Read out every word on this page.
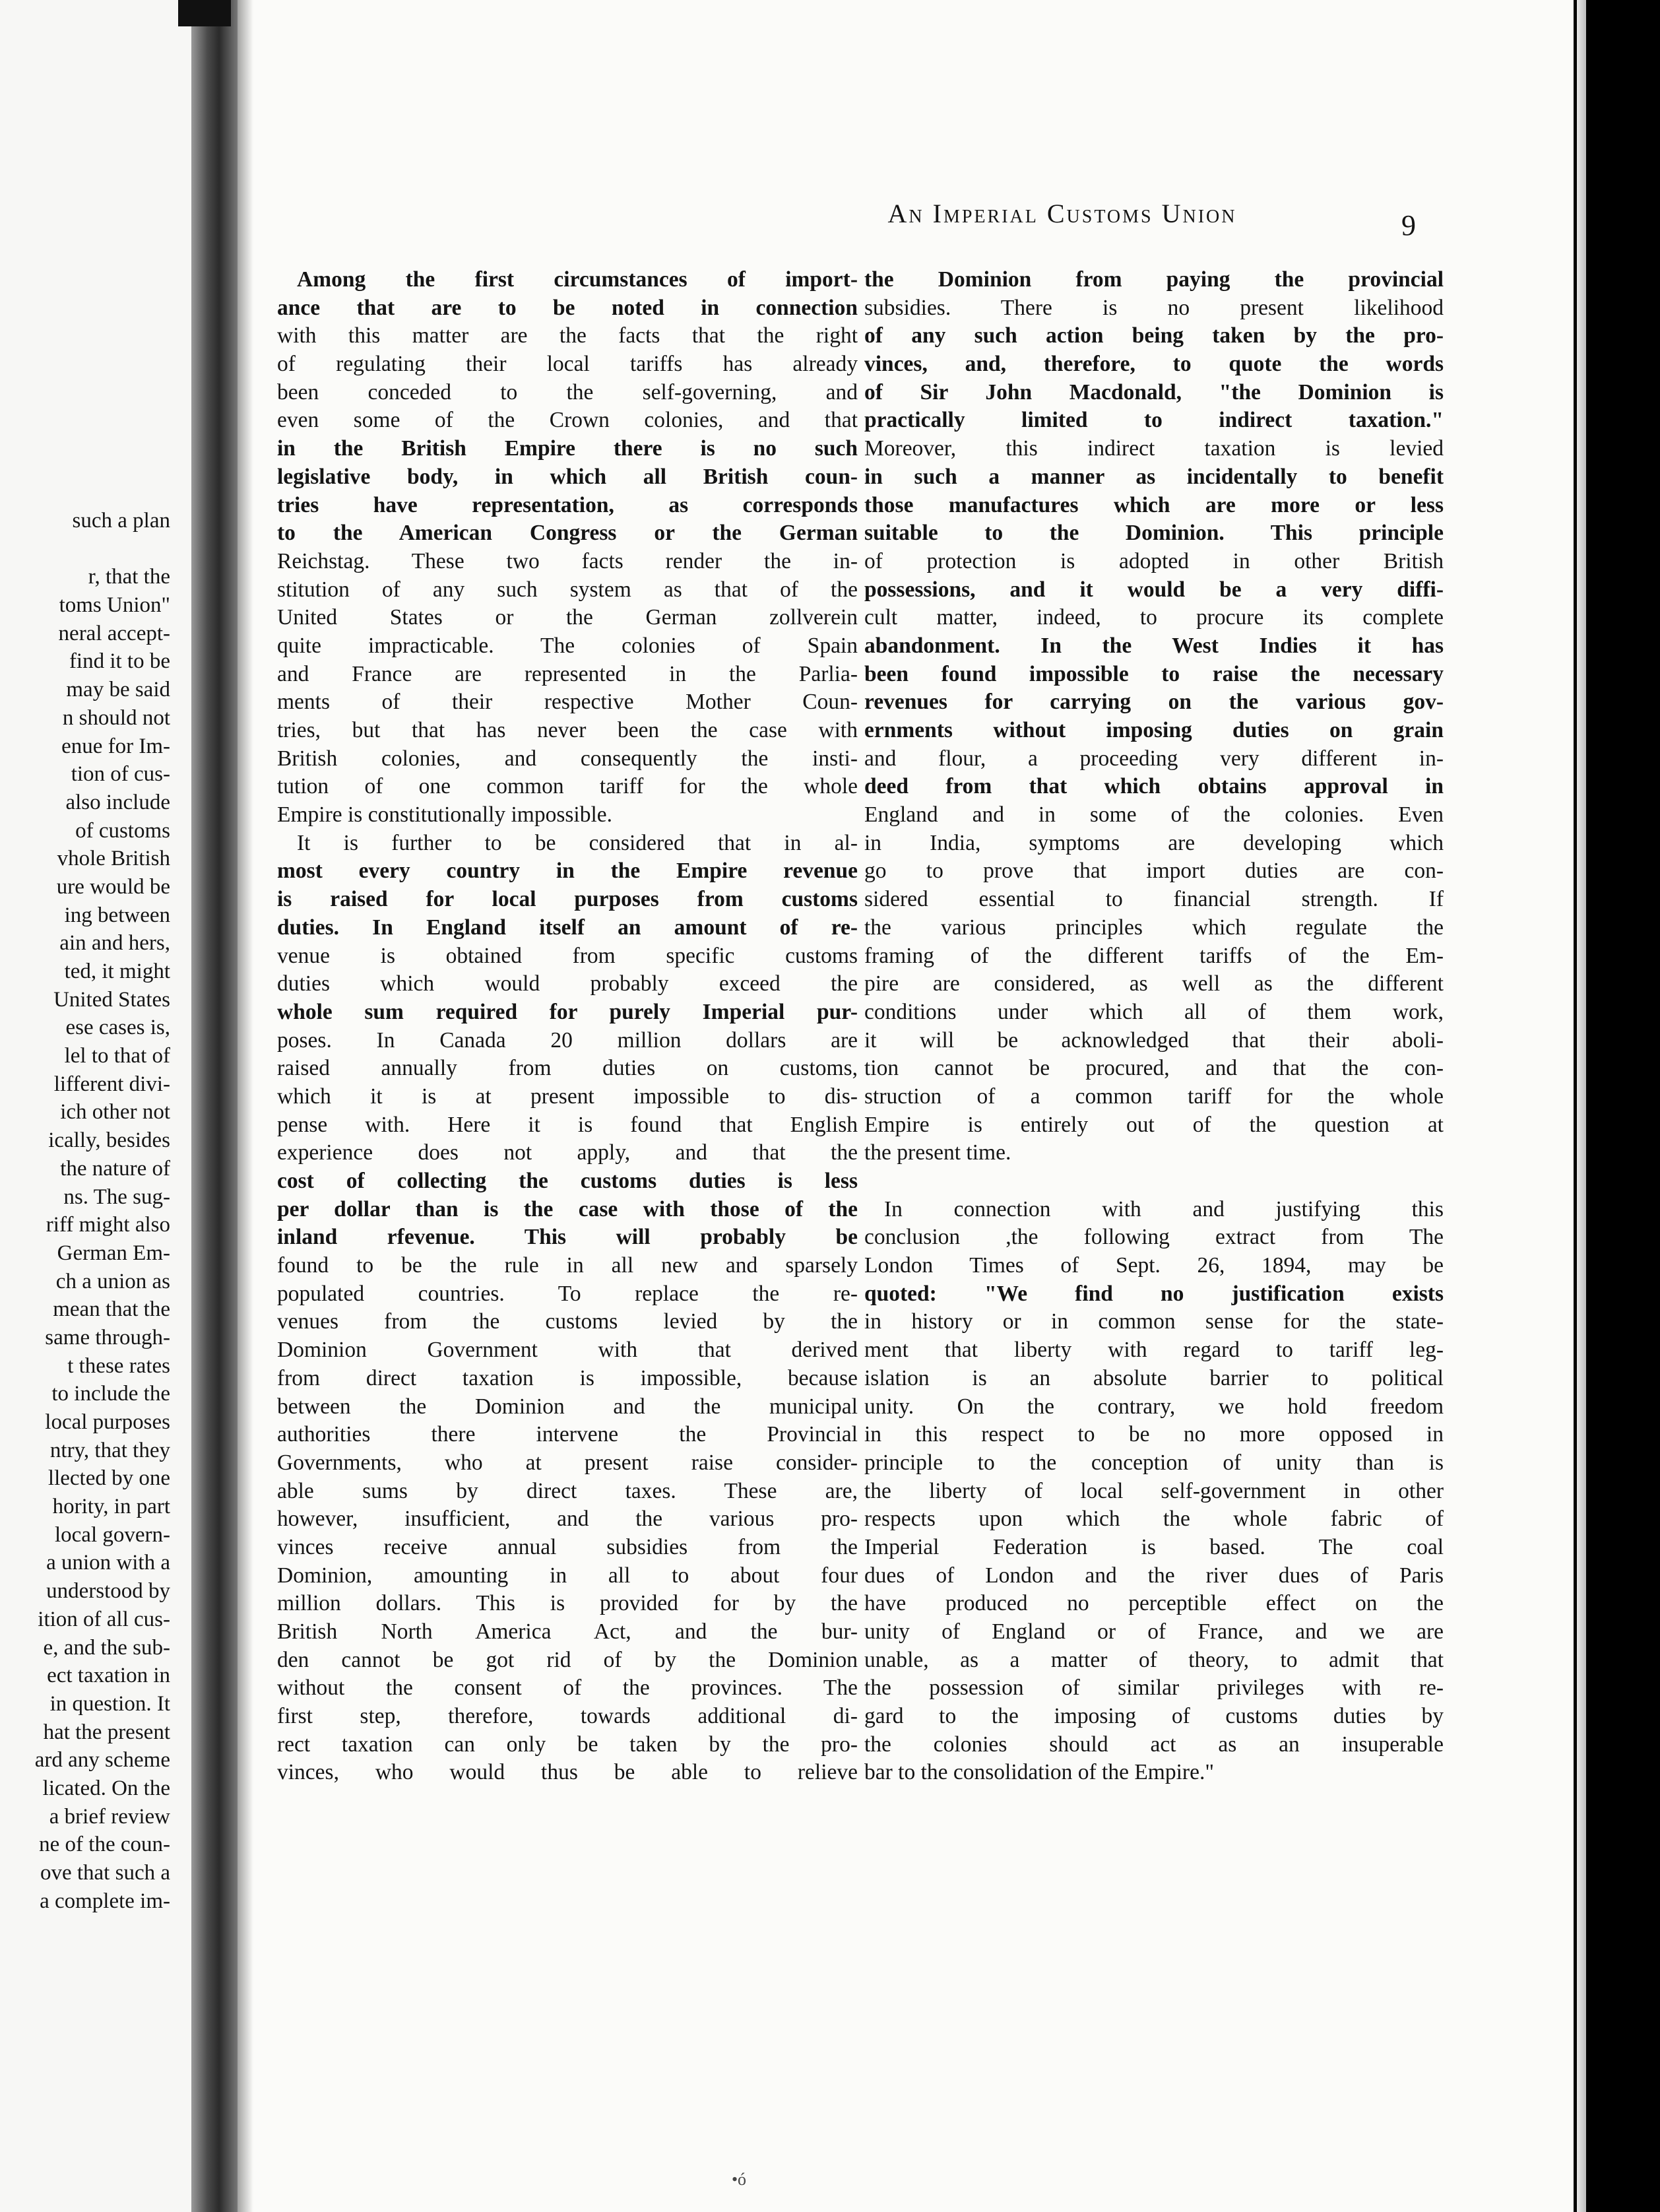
such a plan
r, that the
toms Union"
neral accept-
find it to be
may be said
n should not
enue for Im-
tion of cus-
also include
of customs
vhole British
ure would be
ing between
ain and hers,
ted, it might
United States
ese cases is,
lel to that of
lifferent divi-
ich other not
ically, besides
the nature of
ns. The sug-
riff might also
German Em-
ch a union as
mean that the
same through-
t these rates
to include the
local purposes
ntry, that they
llected by one
hority, in part
local govern-
a union with a
understood by
ition of all cus-
e, and the sub-
ect taxation in
in question. It
hat the present
ard any scheme
licated. On the
a brief review
ne of the coun-
ove that such a
a complete im-
An Imperial Customs Union	9
Among the first circumstances of import-
ance that are to be noted in connection
with this matter are the facts that the right
of regulating their local tariffs has already
been conceded to the self-governing, and
even some of the Crown colonies, and that
in the British Empire there is no such
legislative body, in which all British coun-
tries have representation, as corresponds
to the American Congress or the German
Reichstag. These two facts render the in-
stitution of any such system as that of the
United States or the German zollverein
quite impracticable. The colonies of Spain
and France are represented in the Parlia-
ments of their respective Mother Coun-
tries, but that has never been the case with
British colonies, and consequently the insti-
tution of one common tariff for the whole
Empire is constitutionally impossible.
It is further to be considered that in al-
most every country in the Empire revenue
is raised for local purposes from customs
duties. In England itself an amount of re-
venue is obtained from specific customs
duties which would probably exceed the
whole sum required for purely Imperial pur-
poses. In Canada 20 million dollars are
raised annually from duties on customs,
which it is at present impossible to dis-
pense with. Here it is found that English
experience does not apply, and that the
cost of collecting the customs duties is less
per dollar than is the case with those of the
inland rfevenue. This will probably be
found to be the rule in all new and sparsely
populated countries. To replace the re-
venues from the customs levied by the
Dominion Government with that derived
from direct taxation is impossible, because
between the Dominion and the municipal
authorities there intervene the Provincial
Governments, who at present raise consider-
able sums by direct taxes. These are,
however, insufficient, and the various pro-
vinces receive annual subsidies from the
Dominion, amounting in all to about four
million dollars. This is provided for by the
British North America Act, and the bur-
den cannot be got rid of by the Dominion
without the consent of the provinces. The
first step, therefore, towards additional di-
rect taxation can only be taken by the pro-
vinces, who would thus be able to relieve
the Dominion from paying the provincial
subsidies. There is no present likelihood
of any such action being taken by the pro-
vinces, and, therefore, to quote the words
of Sir John Macdonald, "the Dominion is
practically limited to indirect taxation."
Moreover, this indirect taxation is levied
in such a manner as incidentally to benefit
those manufactures which are more or less
suitable to the Dominion. This principle
of protection is adopted in other British
possessions, and it would be a very diffi-
cult matter, indeed, to procure its complete
abandonment. In the West Indies it has
been found impossible to raise the necessary
revenues for carrying on the various gov-
ernments without imposing duties on grain
and flour, a proceeding very different in-
deed from that which obtains approval in
England and in some of the colonies. Even
in India, symptoms are developing which
go to prove that import duties are con-
sidered essential to financial strength. If
the various principles which regulate the
framing of the different tariffs of the Em-
pire are considered, as well as the different
conditions under which all of them work,
it will be acknowledged that their aboli-
tion cannot be procured, and that the con-
struction of a common tariff for the whole
Empire is entirely out of the question at
the present time.
In connection with and justifying this
conclusion ,the following extract from The
London Times of Sept. 26, 1894, may be
quoted: "We find no justification exists
in history or in common sense for the state-
ment that liberty with regard to tariff leg-
islation is an absolute barrier to political
unity. On the contrary, we hold freedom
in this respect to be no more opposed in
principle to the conception of unity than is
the liberty of local self-government in other
respects upon which the whole fabric of
Imperial Federation is based. The coal
dues of London and the river dues of Paris
have produced no perceptible effect on the
unity of England or of France, and we are
unable, as a matter of theory, to admit that
the possession of similar privileges with re-
gard to the imposing of customs duties by
the colonies should act as an insuperable
bar to the consolidation of the Empire."
•ó
